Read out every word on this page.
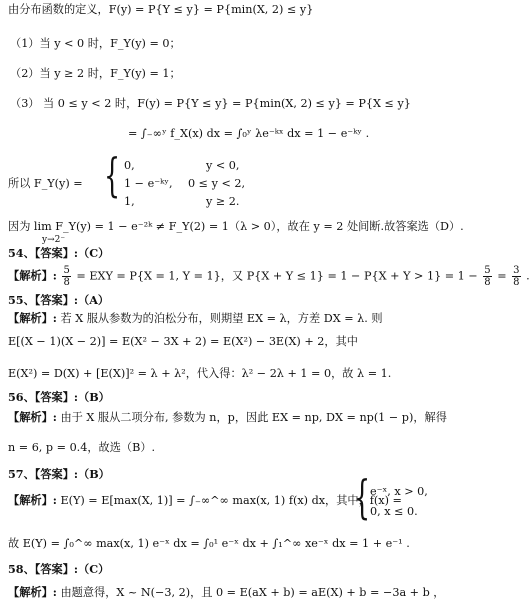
由分布函数的定义，F(y) = P{Y ≤ y} = P{min(X, 2) ≤ y}
（1）当 y < 0 时，F_Y(y) = 0；
（2）当 y ≥ 2 时，F_Y(y) = 1；
（3） 当 0 ≤ y < 2 时，F(y) = P{Y ≤ y} = P{min(X, 2) ≤ y} = P{X ≤ y}
= ∫₋∞ʸ f_X(x) dx = ∫₀ʸ λe⁻ᵏˣ dx = 1 − e⁻ᵏʸ .
所以 F_Y(y) = { 0,	y < 0,
1 − e⁻ᵏʸ, 0 ≤ y < 2,
1,	y ≥ 2.
因为 lim F_Y(y) = 1 − e⁻²ᵏ ≠ F_Y(2) = 1（λ > 0），故在 y = 2 处间断.故答案选（D）.
y→2⁻
54、【答案】:（C）
【解析】: $\frac{5}{8}$ = EXY = P{X = 1, Y = 1}，又 $P\{X + Y \le 1\} = 1 - P\{X + Y > 1\} = 1 - \frac{5}{8} = \frac{3}{8}$ .
55、【答案】:（A）
【解析】: 若 X 服从参数为的泊松分布，则期望 EX = λ，方差 DX = λ. 则
E[(X − 1)(X − 2)] = E(X² − 3X + 2) = E(X²) − 3E(X) + 2，其中
E(X²) = D(X) + [E(X)]² = λ + λ²，代入得：λ² − 2λ + 1 = 0，故 λ = 1.
56、【答案】:（B）
【解析】: 由于 X 服从二项分布, 参数为 n，p，因此 EX = np, DX = np(1 − p)，解得
n = 6, p = 0.4，故选（B）.
57、【答案】:（B）
【解析】: E(Y) = E[max(X, 1)] = ∫₋∞^∞ max(x, 1) f(x) dx，其中，f(x) =
{ e⁻ˣ, x > 0,
0, x ≤ 0.
故 E(Y) = ∫₀^∞ max(x, 1) e⁻ˣ dx = ∫₀¹ e⁻ˣ dx + ∫₁^∞ xe⁻ˣ dx = 1 + e⁻¹ .
58、【答案】:（C）
【解析】: 由题意得，X ~ N(−3, 2)，且 0 = E(aX + b) = aE(X) + b = −3a + b ，
